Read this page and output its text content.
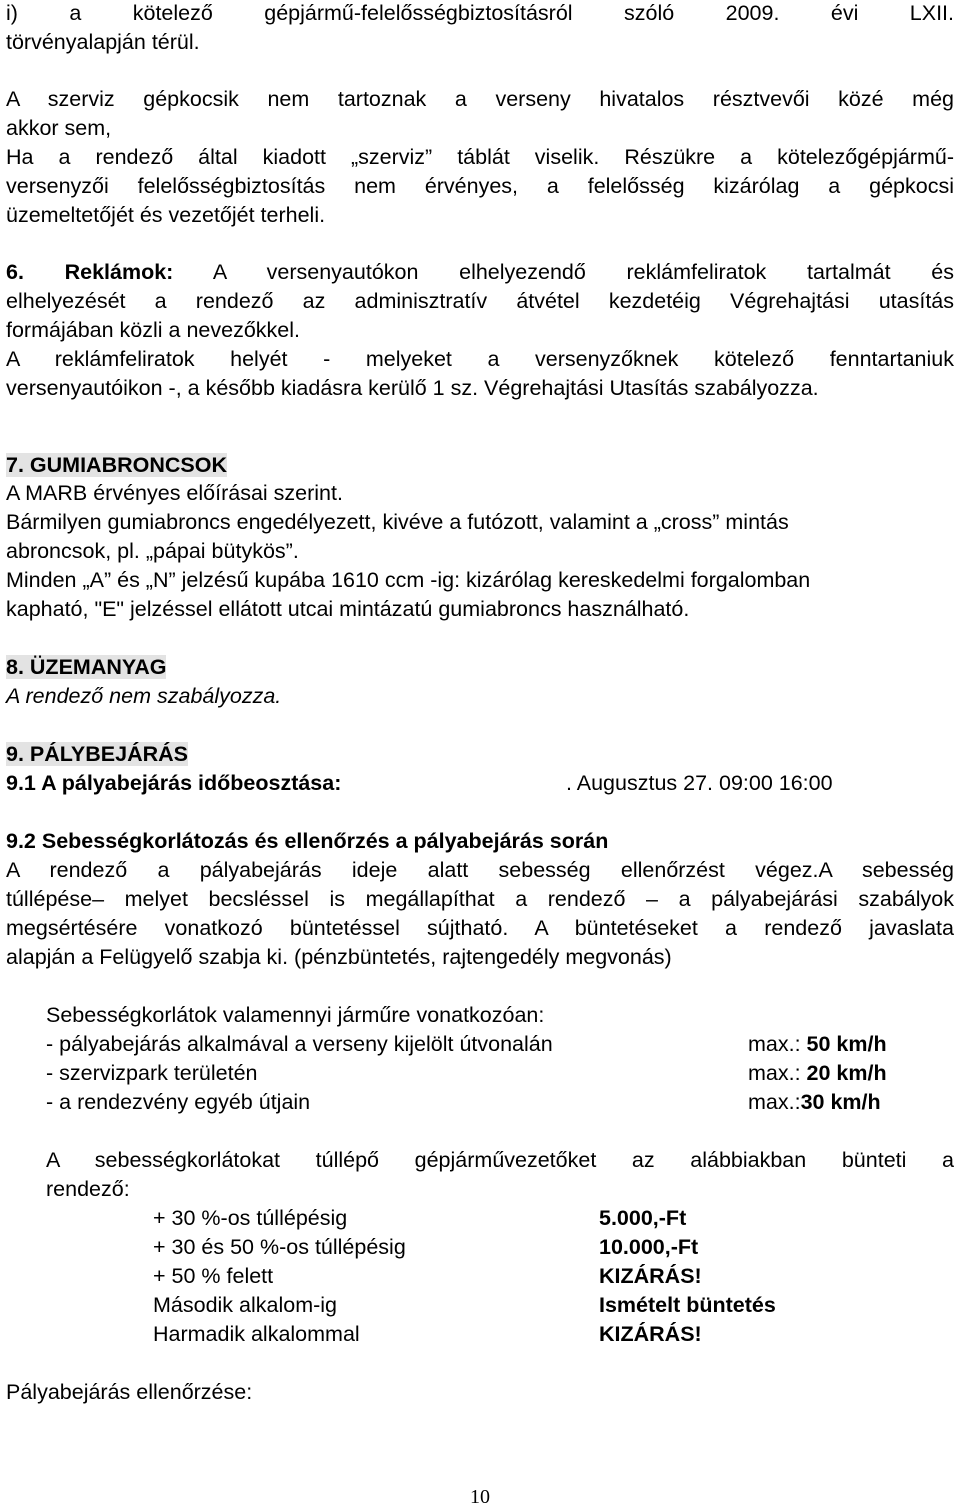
i) a kötelező gépjármű-felelősségbiztosításról szóló 2009. évi LXII.
törvényalapján térül.
A szerviz gépkocsik nem tartoznak a verseny hivatalos résztvevői közé még
akkor sem,
Ha a rendező által kiadott „szerviz” táblát viselik. Részükre a kötelezőgépjármű-
versenyzői felelősségbiztosítás nem érvényes, a felelősség kizárólag a gépkocsi
üzemeltetőjét és vezetőjét terheli.
6. Reklámok: A versenyautókon elhelyezendő reklámfeliratok tartalmát és
elhelyezését a rendező az adminisztratív átvétel kezdetéig Végrehajtási utasítás
formájában közli a nevezőkkel.
A reklámfeliratok helyét - melyeket a versenyzőknek kötelező fenntartaniuk
versenyautóikon -, a később kiadásra kerülő 1 sz. Végrehajtási Utasítás szabályozza.
7. GUMIABRONCSOK
A MARB érvényes előírásai szerint.
Bármilyen gumiabroncs engedélyezett, kivéve a futózott, valamint a „cross” mintás
abroncsok, pl. „pápai bütykös”.
Minden „A” és „N” jelzésű kupába 1610 ccm -ig: kizárólag kereskedelmi forgalomban
kapható, "E" jelzéssel ellátott utcai mintázatú gumiabroncs használható.
8. ÜZEMANYAG
A rendező nem szabályozza.
9. PÁLYBEJÁRÁS
9.1 A pályabejárás időbeosztása:	. Augusztus 27. 09:00 16:00
9.2 Sebességkorlátozás és ellenőrzés a pályabejárás során
A rendező a pályabejárás ideje alatt sebesség ellenőrzést végez.A sebesség
túllépése– melyet becsléssel is megállapíthat a rendező – a pályabejárási szabályok
megsértésére vonatkozó büntetéssel sújtható. A büntetéseket a rendező javaslata
alapján a Felügyelő szabja ki. (pénzbüntetés, rajtengedély megvonás)
Sebességkorlátok valamennyi járműre vonatkozóan:
- pályabejárás alkalmával a verseny kijelölt útvonalán	max.: 50 km/h
- szervizpark területén	max.: 20 km/h
- a rendezvény egyéb útjain	max.:30 km/h
A sebességkorlátokat túllépő gépjárművezetőket az alábbiakban bünteti a
rendező:
+ 30 %-os túllépésig	5.000,-Ft
+ 30 és 50 %-os túllépésig	10.000,-Ft
+ 50 % felett	KIZÁRÁS!
Második alkalom-ig	Ismételt büntetés
Harmadik alkalommal	KIZÁRÁS!
Pályabejárás ellenőrzése:
10
